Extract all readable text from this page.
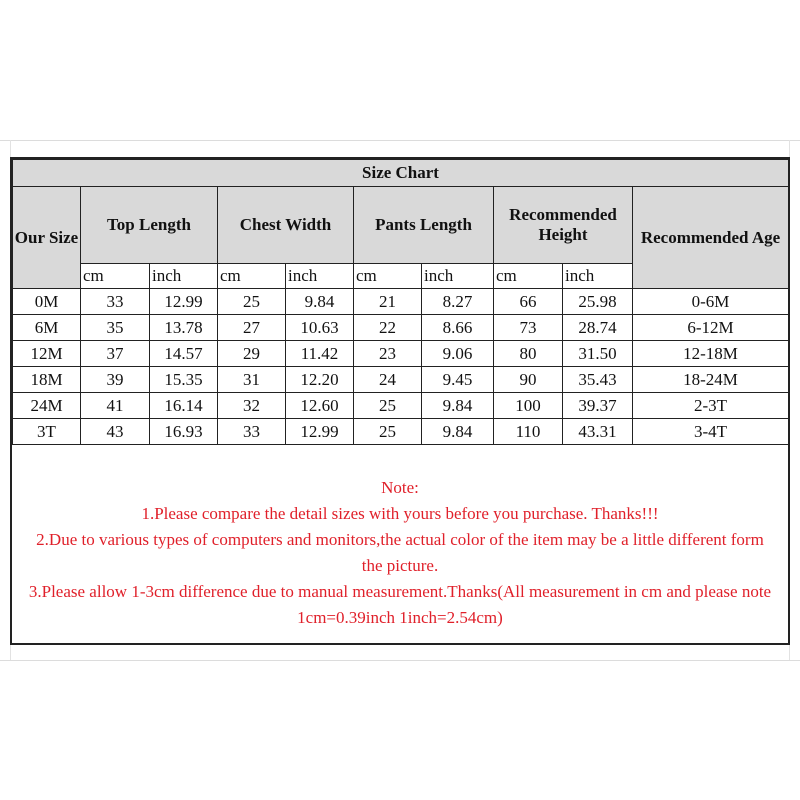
Size Chart									
Our Size	Top Length		Chest Width		Pants Length		Recommended Height		Recommended Age
	cm	inch	cm	inch	cm	inch	cm	inch	
0M	33	12.99	25	9.84	21	8.27	66	25.98	0-6M
6M	35	13.78	27	10.63	22	8.66	73	28.74	6-12M
12M	37	14.57	29	11.42	23	9.06	80	31.50	12-18M
18M	39	15.35	31	12.20	24	9.45	90	35.43	18-24M
24M	41	16.14	32	12.60	25	9.84	100	39.37	2-3T
3T	43	16.93	33	12.99	25	9.84	110	43.31	3-4T

Note:

1.Please compare the detail sizes with yours before you purchase. Thanks!!!

2.Due to various types of computers and monitors,the actual color of the item may be a little different form the picture.

3.Please allow 1-3cm difference due to manual measurement.Thanks(All measurement in cm and please note 1cm=0.39inch 1inch=2.54cm)
